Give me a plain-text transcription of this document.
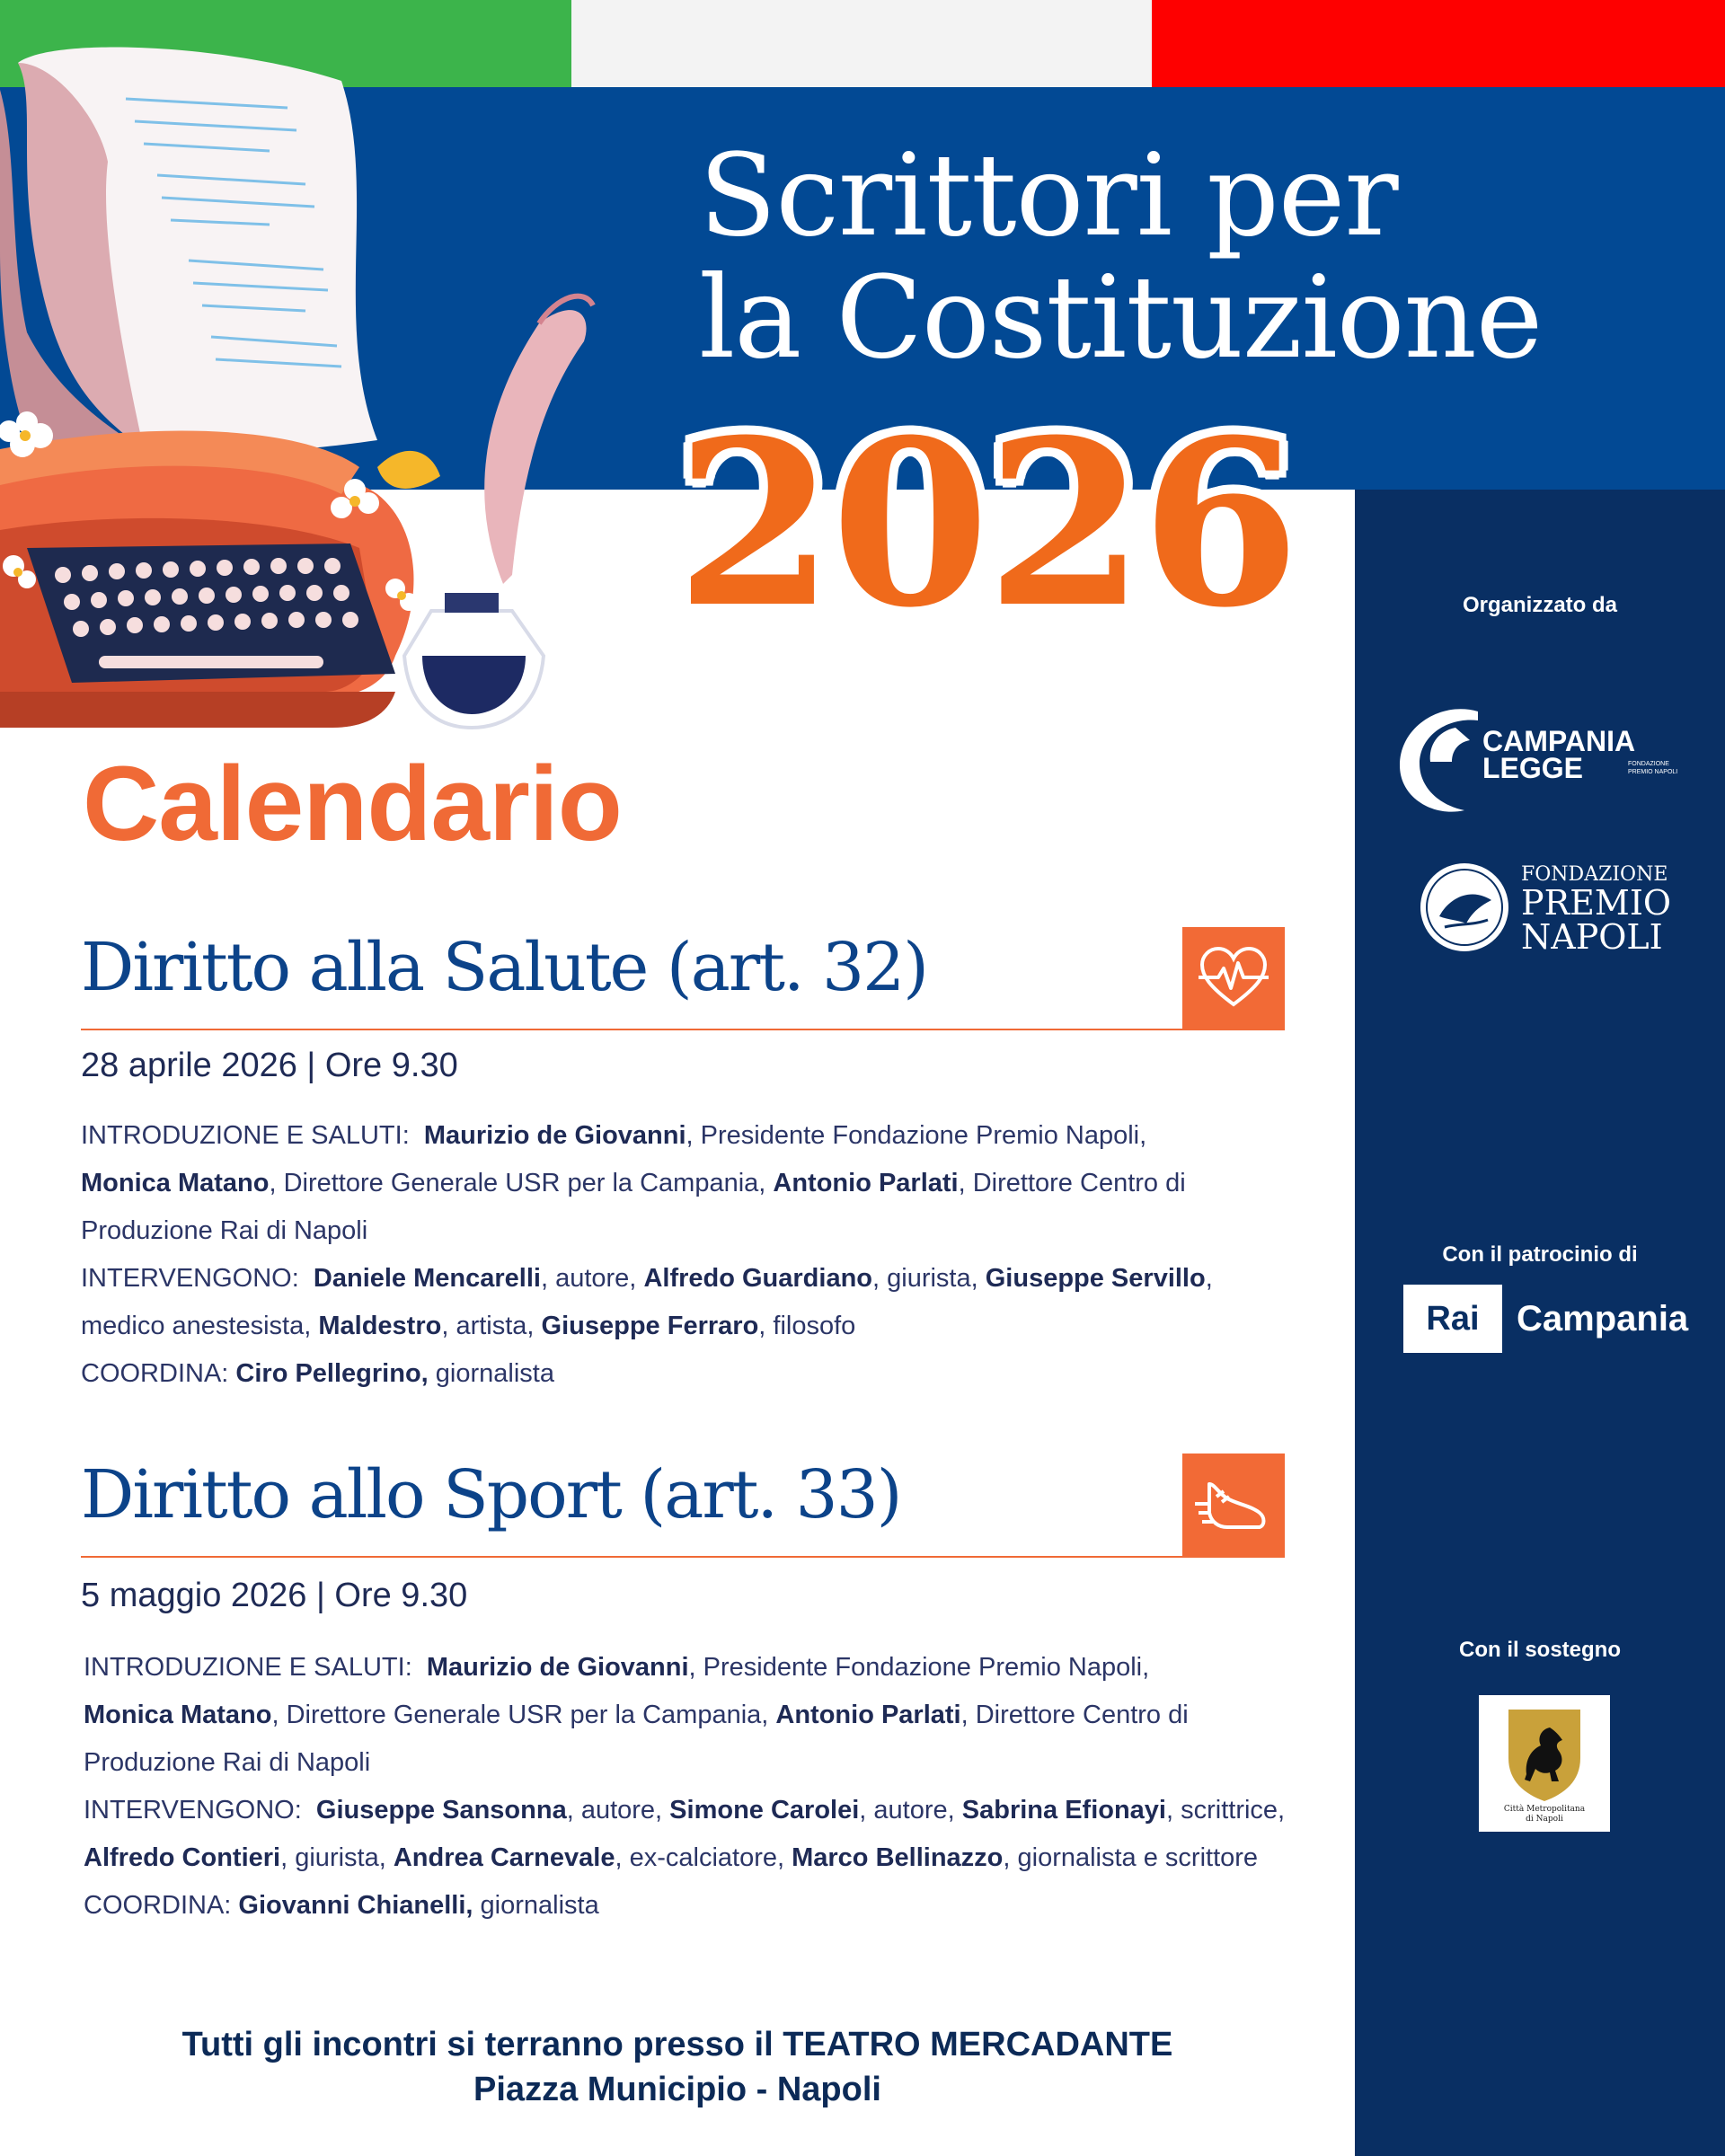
Scrittori per
la Costituzione
2026
Calendario
Diritto alla Salute (art. 32)
28 aprile 2026 | Ore 9.30
INTRODUZIONE E SALUTI: Maurizio de Giovanni, Presidente Fondazione Premio Napoli,
Monica Matano, Direttore Generale USR per la Campania, Antonio Parlati, Direttore Centro di Produzione Rai di Napoli
INTERVENGONO: Daniele Mencarelli, autore, Alfredo Guardiano, giurista, Giuseppe Servillo, medico anestesista, Maldestro, artista, Giuseppe Ferraro, filosofo
COORDINA: Ciro Pellegrino, giornalista
Diritto allo Sport (art. 33)
5 maggio 2026 | Ore 9.30
INTRODUZIONE E SALUTI: Maurizio de Giovanni, Presidente Fondazione Premio Napoli,
Monica Matano, Direttore Generale USR per la Campania, Antonio Parlati, Direttore Centro di Produzione Rai di Napoli
INTERVENGONO: Giuseppe Sansonna, autore, Simone Carolei, autore, Sabrina Efionayi, scrittrice, Alfredo Contieri, giurista, Andrea Carnevale, ex-calciatore, Marco Bellinazzo, giornalista e scrittore
COORDINA: Giovanni Chianelli, giornalista
Tutti gli incontri si terranno presso il TEATRO MERCADANTE
Piazza Municipio - Napoli
Organizzato da
CAMPANIA
LEGGE	FONDAZIONE
PREMIO NAPOLI
FONDAZIONE
PREMIO
NAPOLI
Con il patrocinio di
Rai	Campania
Con il sostegno
Città Metropolitana
di Napoli
